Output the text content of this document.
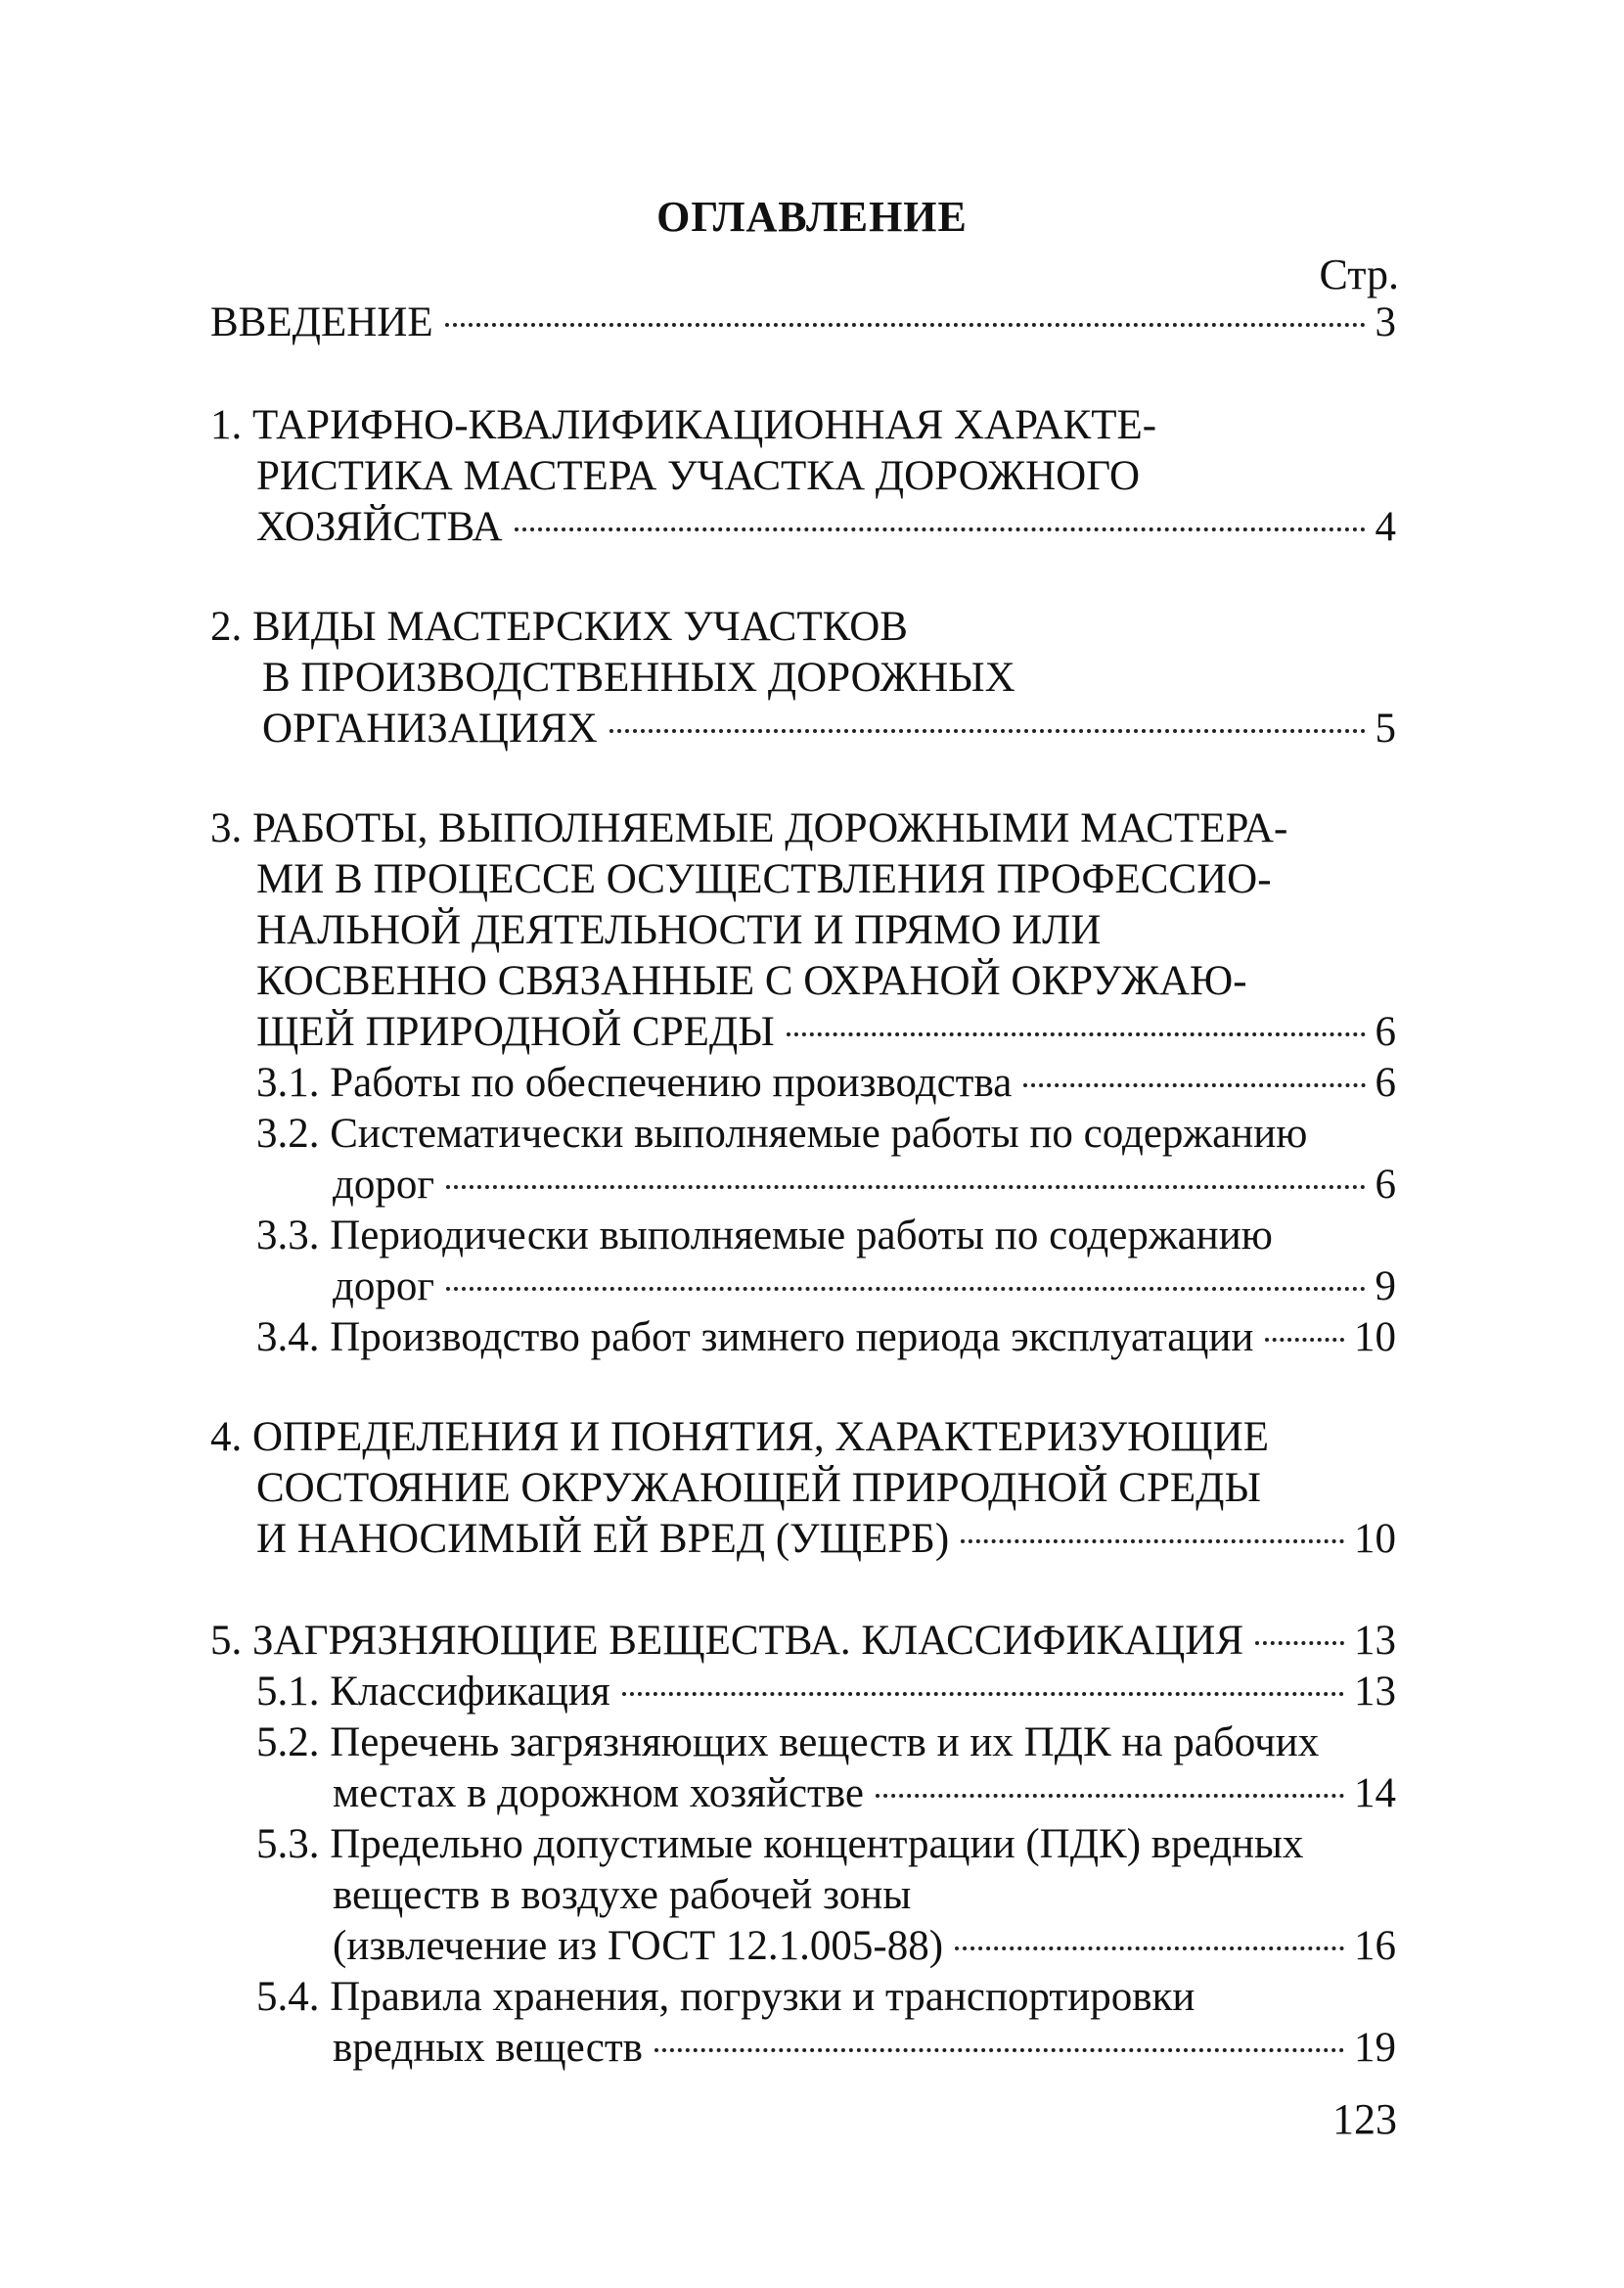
ОГЛАВЛЕНИЕ
Стр.
ВВЕДЕНИЕ	3
1. ТАРИФНО-КВАЛИФИКАЦИОННАЯ ХАРАКТЕ-
РИСТИКА МАСТЕРА УЧАСТКА ДОРОЖНОГО
ХОЗЯЙСТВА	4
2. ВИДЫ МАСТЕРСКИХ УЧАСТКОВ
В ПРОИЗВОДСТВЕННЫХ ДОРОЖНЫХ
ОРГАНИЗАЦИЯХ	5
3. РАБОТЫ, ВЫПОЛНЯЕМЫЕ ДОРОЖНЫМИ МАСТЕРА-
МИ В ПРОЦЕССЕ ОСУЩЕСТВЛЕНИЯ ПРОФЕССИО-
НАЛЬНОЙ ДЕЯТЕЛЬНОСТИ И ПРЯМО ИЛИ
КОСВЕННО СВЯЗАННЫЕ С ОХРАНОЙ ОКРУЖАЮ-
ЩЕЙ ПРИРОДНОЙ СРЕДЫ	6
3.1. Работы по обеспечению производства	6
3.2. Систематически выполняемые работы по содержанию
дорог	6
3.3. Периодически выполняемые работы по содержанию
дорог	9
3.4. Производство работ зимнего периода эксплуатации 10
4. ОПРЕДЕЛЕНИЯ И ПОНЯТИЯ, ХАРАКТЕРИЗУЮЩИЕ
СОСТОЯНИЕ ОКРУЖАЮЩЕЙ ПРИРОДНОЙ СРЕДЫ
И НАНОСИМЫЙ ЕЙ ВРЕД (УЩЕРБ)	10
5. ЗАГРЯЗНЯЮЩИЕ ВЕЩЕСТВА. КЛАССИФИКАЦИЯ	13
5.1. Классификация	13
5.2. Перечень загрязняющих веществ и их ПДК на рабочих
местах в дорожном хозяйстве	14
5.3. Предельно допустимые концентрации (ПДК) вредных
веществ в воздухе рабочей зоны
(извлечение из ГОСТ 12.1.005-88)	16
5.4. Правила хранения, погрузки и транспортировки
вредных веществ	19
123
